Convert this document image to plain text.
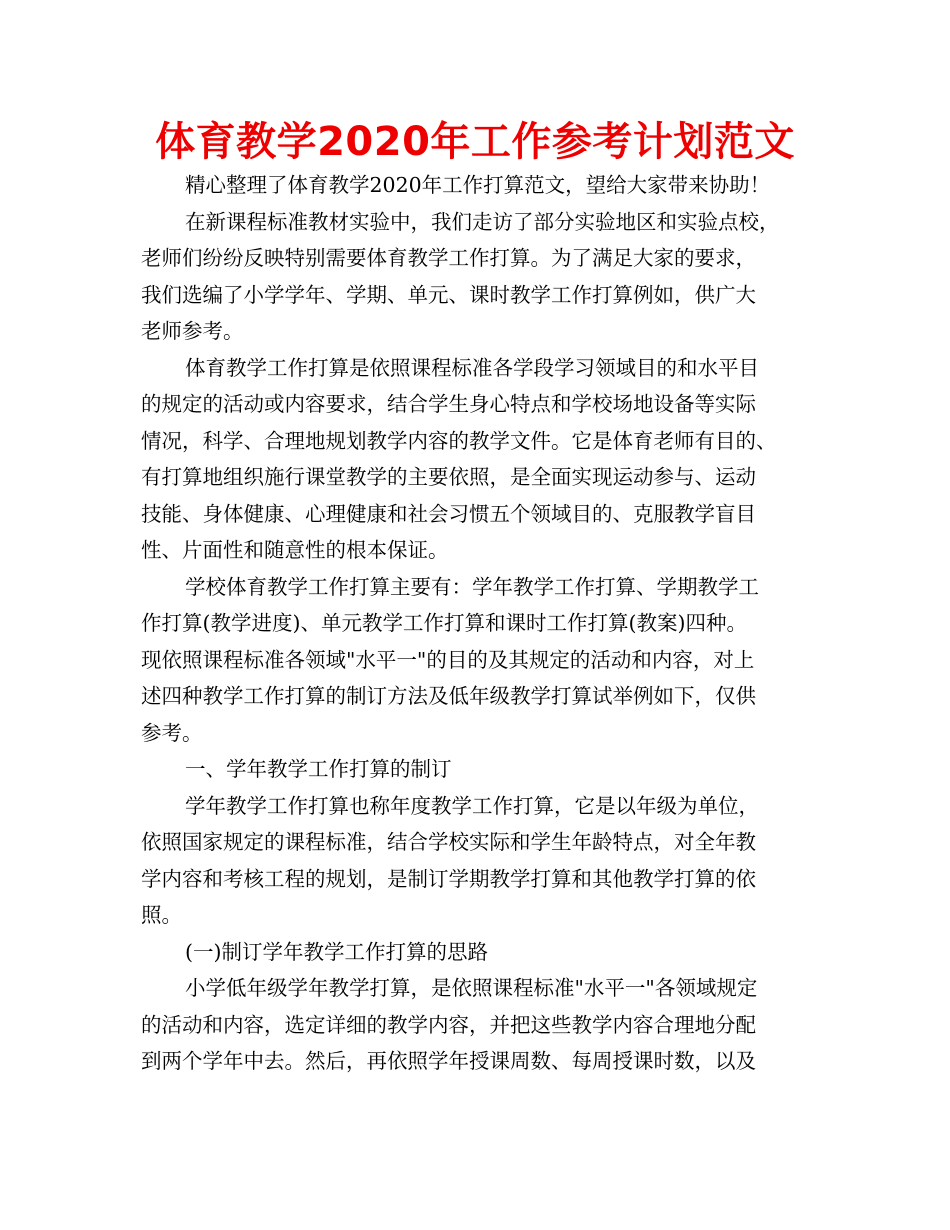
体育教学2020年工作参考计划范文
精心整理了体育教学2020年工作打算范文，望给大家带来协助！
在新课程标准教材实验中，我们走访了部分实验地区和实验点校，
老师们纷纷反映特别需要体育教学工作打算。为了满足大家的要求，
我们选编了小学学年、学期、单元、课时教学工作打算例如，供广大
老师参考。
体育教学工作打算是依照课程标准各学段学习领域目的和水平目
的规定的活动或内容要求，结合学生身心特点和学校场地设备等实际
情况，科学、合理地规划教学内容的教学文件。它是体育老师有目的、
有打算地组织施行课堂教学的主要依照，是全面实现运动参与、运动
技能、身体健康、心理健康和社会习惯五个领域目的、克服教学盲目
性、片面性和随意性的根本保证。
学校体育教学工作打算主要有：学年教学工作打算、学期教学工
作打算(教学进度)、单元教学工作打算和课时工作打算(教案)四种。
现依照课程标准各领域"水平一"的目的及其规定的活动和内容，对上
述四种教学工作打算的制订方法及低年级教学打算试举例如下，仅供
参考。
一、学年教学工作打算的制订
学年教学工作打算也称年度教学工作打算，它是以年级为单位，
依照国家规定的课程标准，结合学校实际和学生年龄特点，对全年教
学内容和考核工程的规划，是制订学期教学打算和其他教学打算的依
照。
(一)制订学年教学工作打算的思路
小学低年级学年教学打算，是依照课程标准"水平一"各领域规定
的活动和内容，选定详细的教学内容，并把这些教学内容合理地分配
到两个学年中去。然后，再依照学年授课周数、每周授课时数，以及
